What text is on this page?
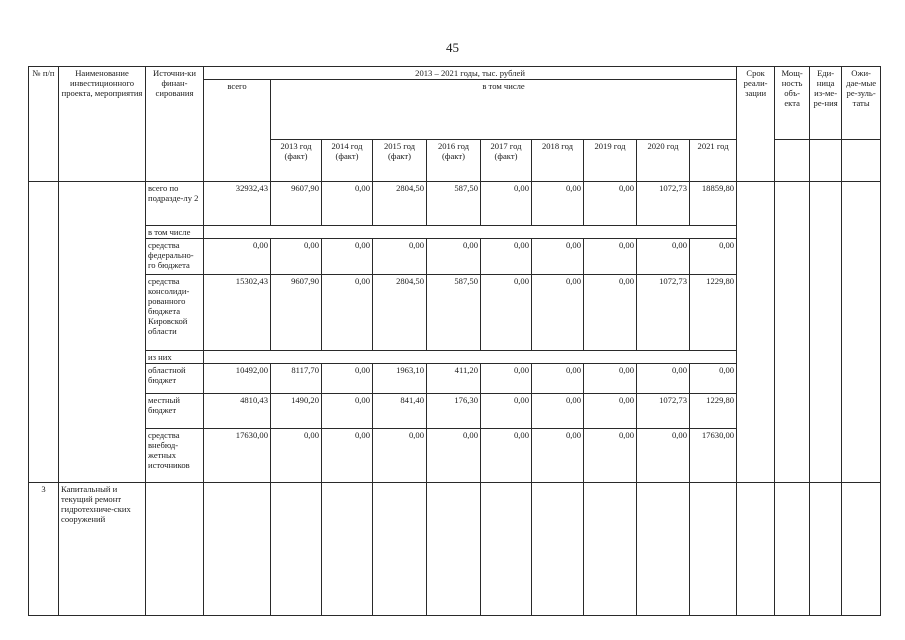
45
№ п/п	Наименование инвестиционного проекта, мероприятия	Источни-ки финан-сирования	2013 – 2021 годы, тыс. рублей										Срок реали-зации	Мощ-ность объ-екта	Еди-ница из-ме-ре-ния	Ожи-дае-мые ре-зуль-таты
			всего	в том числе												
				2013 год (факт)	2014 год (факт)	2015 год (факт)	2016 год (факт)	2017 год (факт)	2018 год	2019 год	2020 год	2021 год				
		всего по подразде-лу 2	32932,43	9607,90	0,00	2804,50	587,50	0,00	0,00	0,00	1072,73	18859,80				
		в том числе														
		средства федерально-го бюджета	0,00	0,00	0,00	0,00	0,00	0,00	0,00	0,00	0,00	0,00				
		средства консолиди-рованного бюджета Кировской области	15302,43	9607,90	0,00	2804,50	587,50	0,00	0,00	0,00	1072,73	1229,80				
		из них														
		областной бюджет	10492,00	8117,70	0,00	1963,10	411,20	0,00	0,00	0,00	0,00	0,00				
		местный бюджет	4810,43	1490,20	0,00	841,40	176,30	0,00	0,00	0,00	1072,73	1229,80				
		средства внебюд-жетных источников	17630,00	0,00	0,00	0,00	0,00	0,00	0,00	0,00	0,00	17630,00				
3	Капитальный и текущий ремонт гидротехниче-ских сооружений															
